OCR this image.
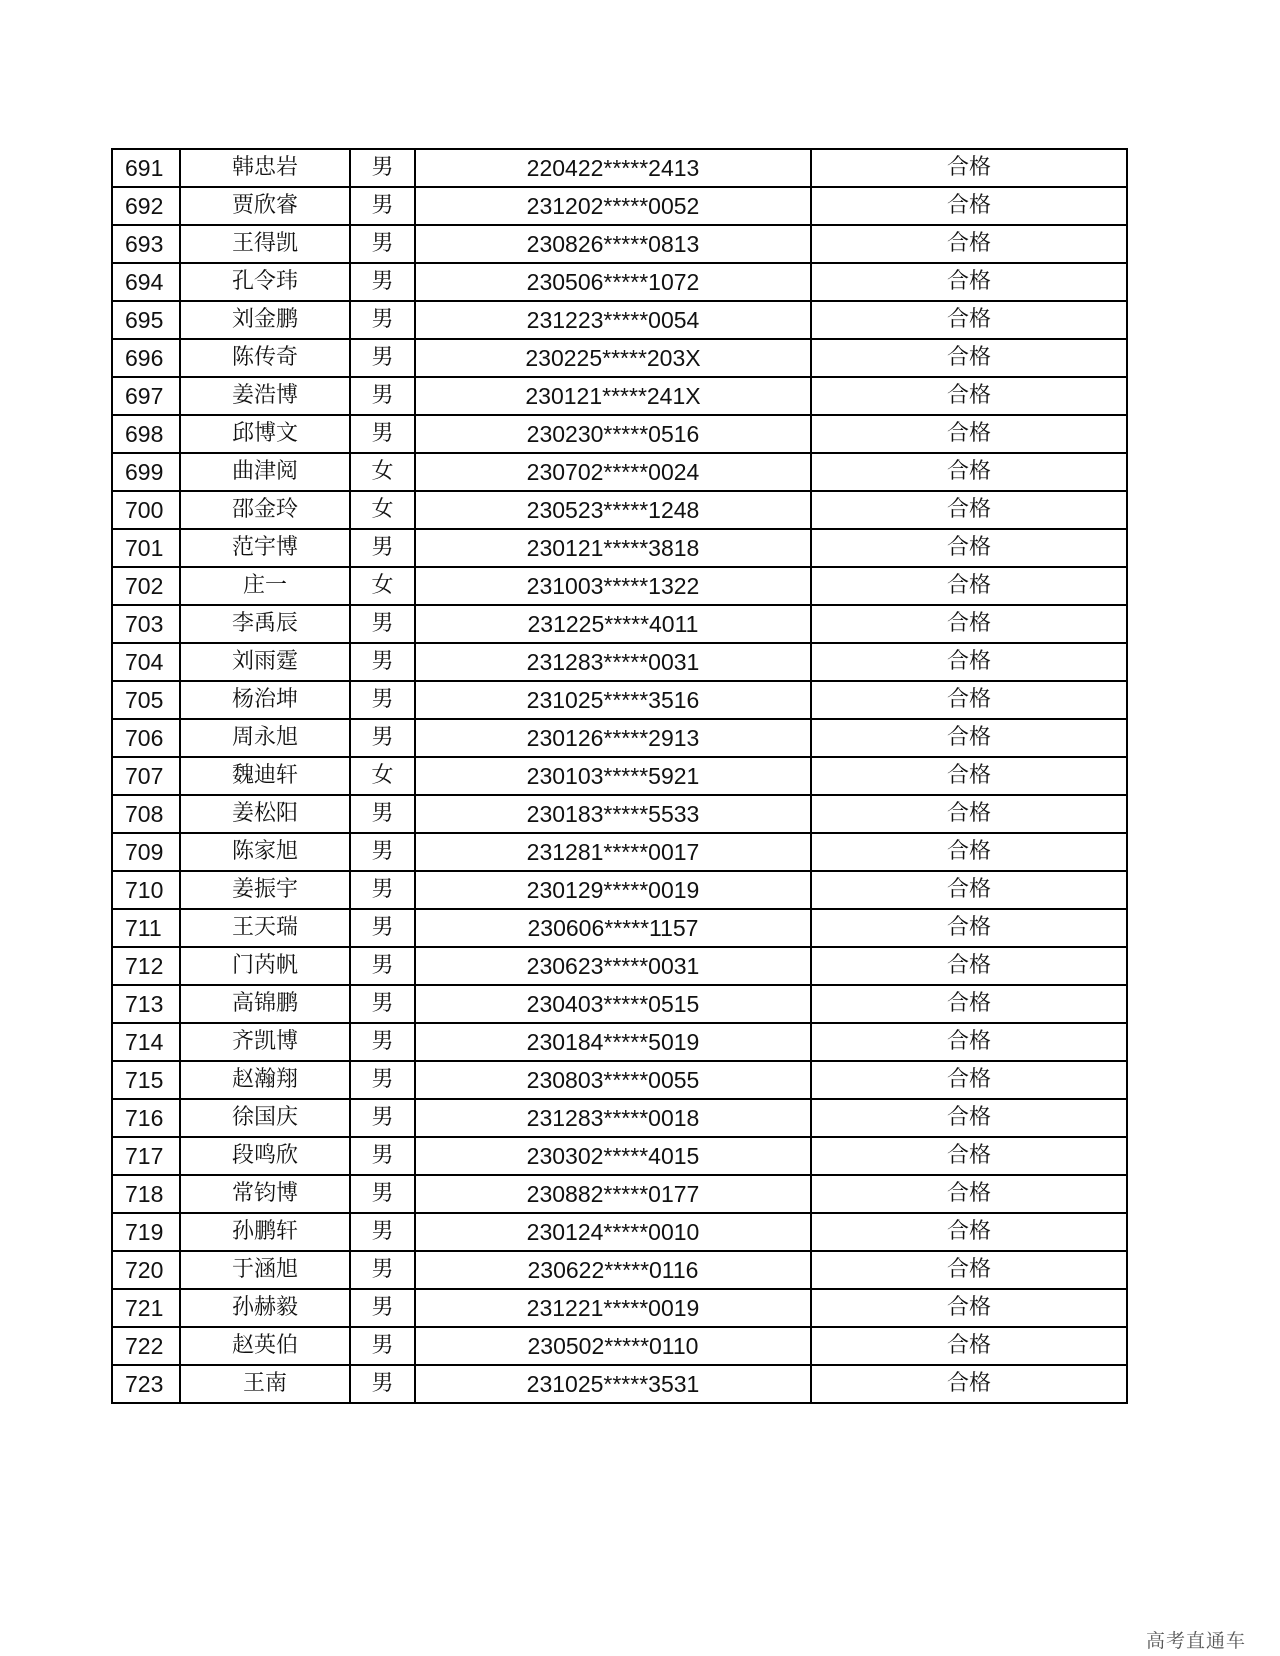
691	韩忠岩	男	220422*****2413	合格
692	贾欣睿	男	231202*****0052	合格
693	王得凯	男	230826*****0813	合格
694	孔令玮	男	230506*****1072	合格
695	刘金鹏	男	231223*****0054	合格
696	陈传奇	男	230225*****203X	合格
697	姜浩博	男	230121*****241X	合格
698	邱博文	男	230230*****0516	合格
699	曲津阅	女	230702*****0024	合格
700	邵金玲	女	230523*****1248	合格
701	范宇博	男	230121*****3818	合格
702	庄一	女	231003*****1322	合格
703	李禹辰	男	231225*****4011	合格
704	刘雨霆	男	231283*****0031	合格
705	杨治坤	男	231025*****3516	合格
706	周永旭	男	230126*****2913	合格
707	魏迪轩	女	230103*****5921	合格
708	姜松阳	男	230183*****5533	合格
709	陈家旭	男	231281*****0017	合格
710	姜振宇	男	230129*****0019	合格
711	王天瑞	男	230606*****1157	合格
712	门芮帆	男	230623*****0031	合格
713	高锦鹏	男	230403*****0515	合格
714	齐凯博	男	230184*****5019	合格
715	赵瀚翔	男	230803*****0055	合格
716	徐国庆	男	231283*****0018	合格
717	段鸣欣	男	230302*****4015	合格
718	常钧博	男	230882*****0177	合格
719	孙鹏轩	男	230124*****0010	合格
720	于涵旭	男	230622*****0116	合格
721	孙赫毅	男	231221*****0019	合格
722	赵英伯	男	230502*****0110	合格
723	王南	男	231025*****3531	合格
高考直通车
